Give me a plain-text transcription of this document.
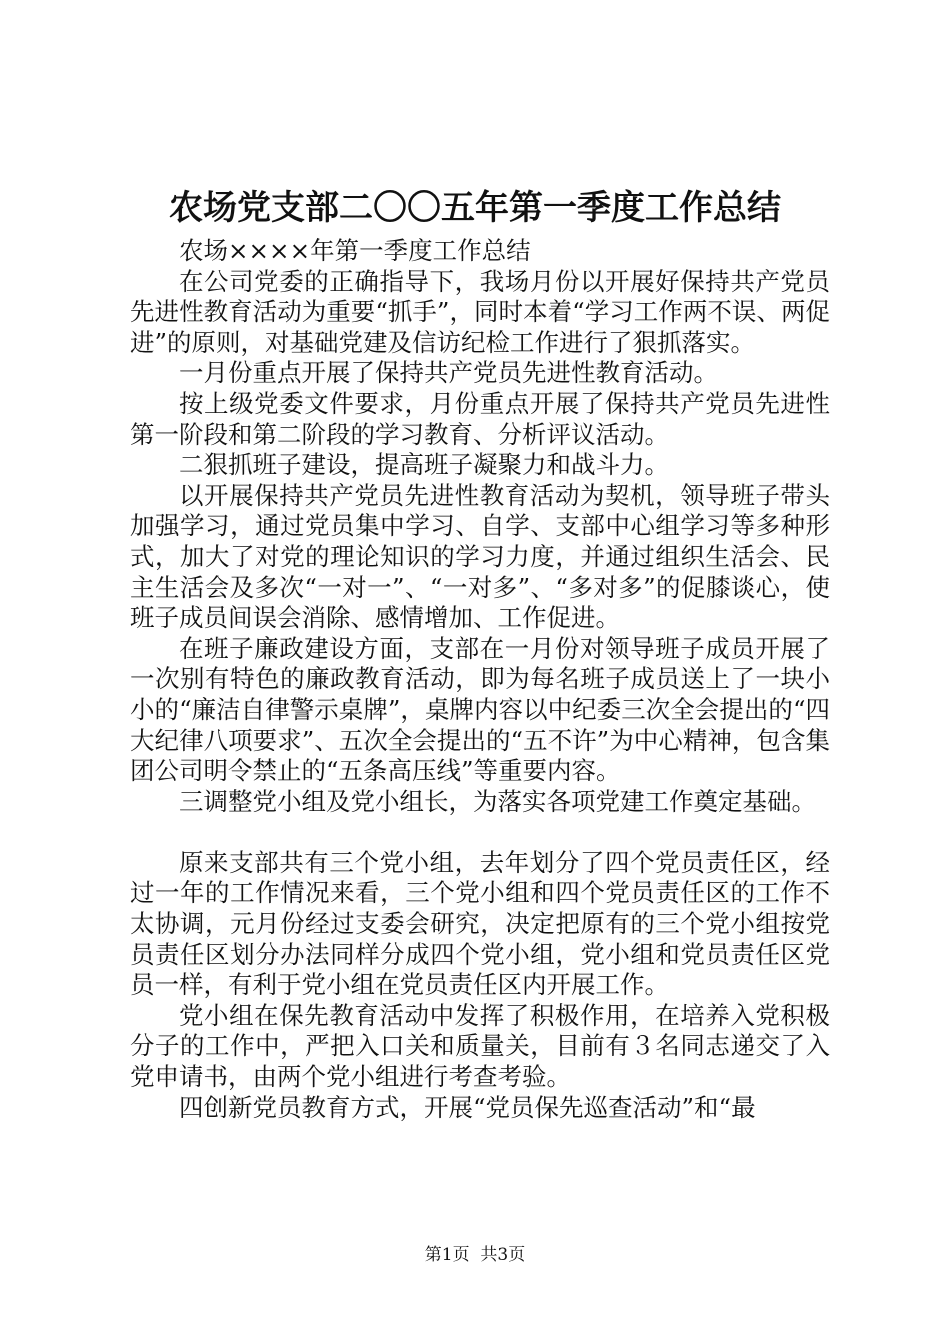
农场党支部二〇〇五年第一季度工作总结

农场××××年第一季度工作总结

在公司党委的正确指导下，我场月份以开展好保持共产党员先进性教育活动为重要“抓手”，同时本着“学习工作两不误、两促进”的原则，对基础党建及信访纪检工作进行了狠抓落实。

一月份重点开展了保持共产党员先进性教育活动。

按上级党委文件要求，月份重点开展了保持共产党员先进性第一阶段和第二阶段的学习教育、分析评议活动。

二狠抓班子建设，提高班子凝聚力和战斗力。

以开展保持共产党员先进性教育活动为契机，领导班子带头加强学习，通过党员集中学习、自学、支部中心组学习等多种形式，加大了对党的理论知识的学习力度，并通过组织生活会、民主生活会及多次“一对一”、“一对多”、“多对多”的促膝谈心，使班子成员间误会消除、感情增加、工作促进。

在班子廉政建设方面，支部在一月份对领导班子成员开展了一次别有特色的廉政教育活动，即为每名班子成员送上了一块小小的“廉洁自律警示桌牌”，桌牌内容以中纪委三次全会提出的“四大纪律八项要求”、五次全会提出的“五不许”为中心精神，包含集团公司明令禁止的“五条高压线”等重要内容。

三调整党小组及党小组长，为落实各项党建工作奠定基础。

原来支部共有三个党小组，去年划分了四个党员责任区，经过一年的工作情况来看，三个党小组和四个党员责任区的工作不太协调，元月份经过支委会研究，决定把原有的三个党小组按党员责任区划分办法同样分成四个党小组，党小组和党员责任区党员一样，有利于党小组在党员责任区内开展工作。

党小组在保先教育活动中发挥了积极作用，在培养入党积极分子的工作中，严把入口关和质量关，目前有３名同志递交了入党申请书，由两个党小组进行考查考验。

四创新党员教育方式，开展“党员保先巡查活动”和“最

第1页  共3页
